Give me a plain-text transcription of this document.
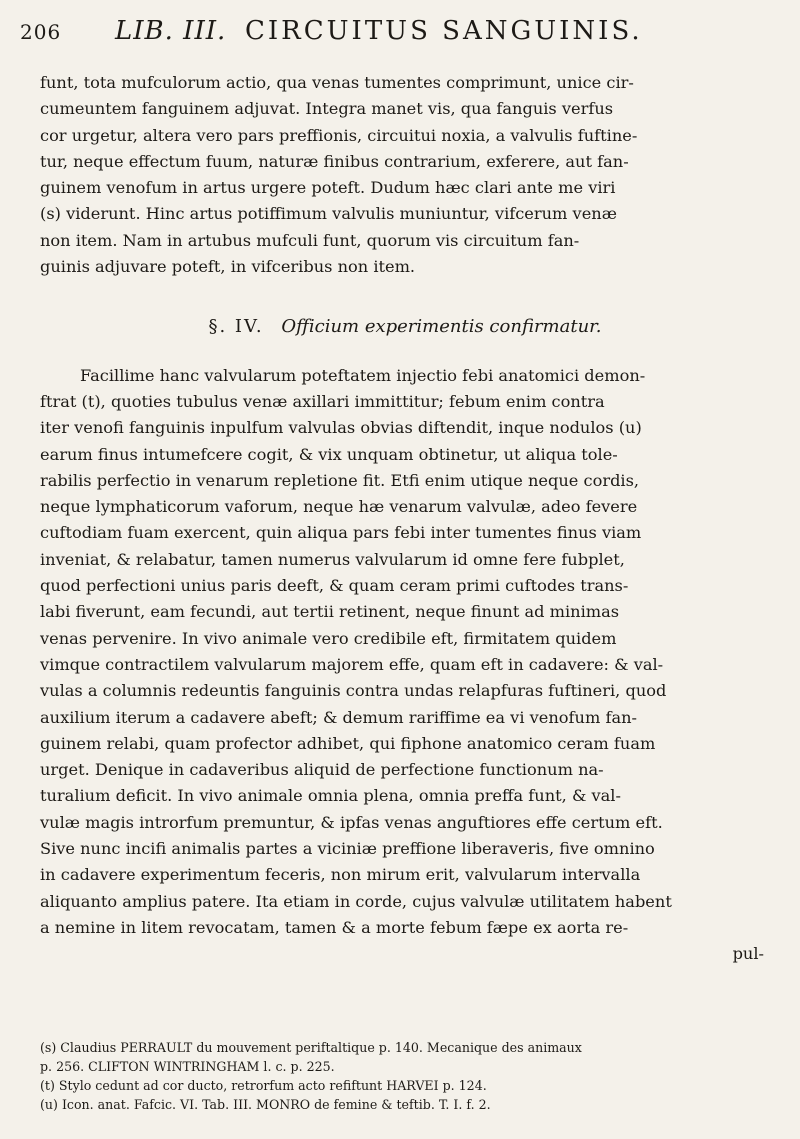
206 LIB. III. CIRCUITUS SANGUINIS.

funt, tota mufculorum actio, qua venas tumentes comprimunt, unice cir-
cumeuntem fanguinem adjuvat. Integra manet vis, qua fanguis verfus
cor urgetur, altera vero pars preffionis, circuitui noxia, a valvulis fuftine-
tur, neque effectum fuum, naturæ finibus contrarium, exferere, aut fan-
guinem venofum in artus urgere poteft. Dudum hæc clari ante me viri
(s) viderunt. Hinc artus potiffimum valvulis muniuntur, vifcerum venæ
non item. Nam in artubus mufculi funt, quorum vis circuitum fan-
guinis adjuvare poteft, in vifceribus non item.

§. IV. Officium experimentis confirmatur.

Facillime hanc valvularum poteftatem injectio febi anatomici demon-
ftrat (t), quoties tubulus venæ axillari immittitur; febum enim contra
iter venofi fanguinis inpulfum valvulas obvias diftendit, inque nodulos (u)
earum finus intumefcere cogit, & vix unquam obtinetur, ut aliqua tole-
rabilis perfectio in venarum repletione fit. Etfi enim utique neque cordis,
neque lymphaticorum vaforum, neque hæ venarum valvulæ, adeo fevere
cuftodiam fuam exercent, quin aliqua pars febi inter tumentes finus viam
inveniat, & relabatur, tamen numerus valvularum id omne fere fubplet,
quod perfectioni unius paris deeft, & quam ceram primi cuftodes trans-
labi fiverunt, eam fecundi, aut tertii retinent, neque finunt ad minimas
venas pervenire. In vivo animale vero credibile eft, firmitatem quidem
vimque contractilem valvularum majorem effe, quam eft in cadavere: & val-
vulas a columnis redeuntis fanguinis contra undas relapfuras fuftineri, quod
auxilium iterum a cadavere abeft; & demum rariffime ea vi venofum fan-
guinem relabi, quam profector adhibet, qui fiphone anatomico ceram fuam
urget. Denique in cadaveribus aliquid de perfectione functionum na-
turalium deficit. In vivo animale omnia plena, omnia preffa funt, & val-
vulæ magis introrfum premuntur, & ipfas venas anguftiores effe certum eft.
Sive nunc incifi animalis partes a viciniæ preffione liberaveris, five omnino
in cadavere experimentum feceris, non mirum erit, valvularum intervalla
aliquanto amplius patere. Ita etiam in corde, cujus valvulæ utilitatem habent
a nemine in litem revocatam, tamen & a morte febum fæpe ex aorta re-

pul-
(s) Claudius PERRAULT du mouvement periftaltique p. 140. Mecanique des animaux
p. 256. CLIFTON WINTRINGHAM l. c. p. 225.
(t) Stylo cedunt ad cor ducto, retrorfum acto refiftunt HARVEI p. 124.
(u) Icon. anat. Fafcic. VI. Tab. III. MONRO de femine & teftib. T. I. f. 2.
